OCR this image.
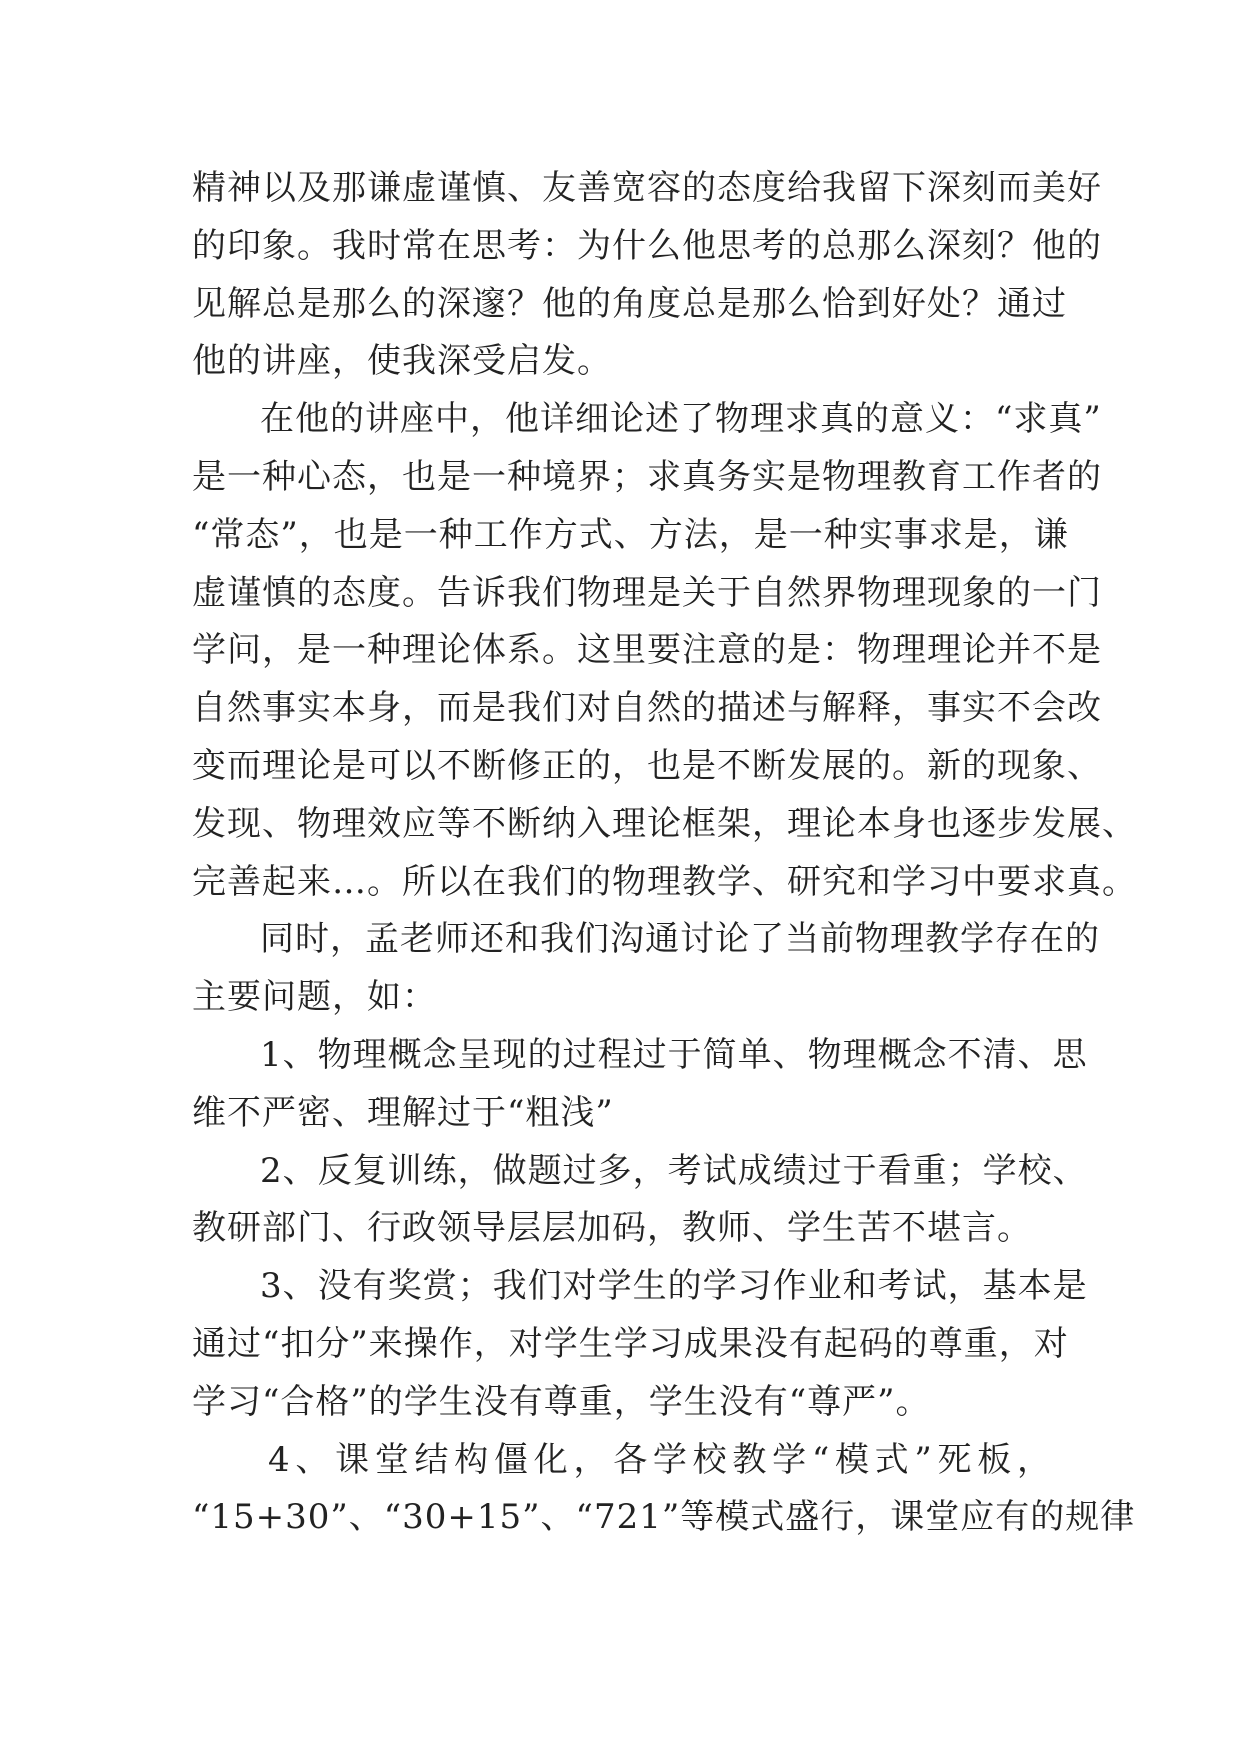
精神以及那谦虚谨慎、友善宽容的态度给我留下深刻而美好
的印象。我时常在思考：为什么他思考的总那么深刻？他的
见解总是那么的深邃？他的角度总是那么恰到好处？通过
他的讲座，使我深受启发。
在他的讲座中，他详细论述了物理求真的意义：“求真”
是一种心态，也是一种境界；求真务实是物理教育工作者的
“常态”，也是一种工作方式、方法，是一种实事求是，谦
虚谨慎的态度。告诉我们物理是关于自然界物理现象的一门
学问，是一种理论体系。这里要注意的是：物理理论并不是
自然事实本身，而是我们对自然的描述与解释，事实不会改
变而理论是可以不断修正的，也是不断发展的。新的现象、
发现、物理效应等不断纳入理论框架，理论本身也逐步发展、
完善起来…。所以在我们的物理教学、研究和学习中要求真。
同时，孟老师还和我们沟通讨论了当前物理教学存在的
主要问题，如：
1、物理概念呈现的过程过于简单、物理概念不清、思
维不严密、理解过于“粗浅”
2、反复训练，做题过多，考试成绩过于看重；学校、
教研部门、行政领导层层加码，教师、学生苦不堪言。
3、没有奖赏；我们对学生的学习作业和考试，基本是
通过“扣分”来操作，对学生学习成果没有起码的尊重，对
学习“合格”的学生没有尊重，学生没有“尊严”。
4、课堂结构僵化，各学校教学“模式”死板，
“15+30”、“30+15”、“721”等模式盛行，课堂应有的规律
